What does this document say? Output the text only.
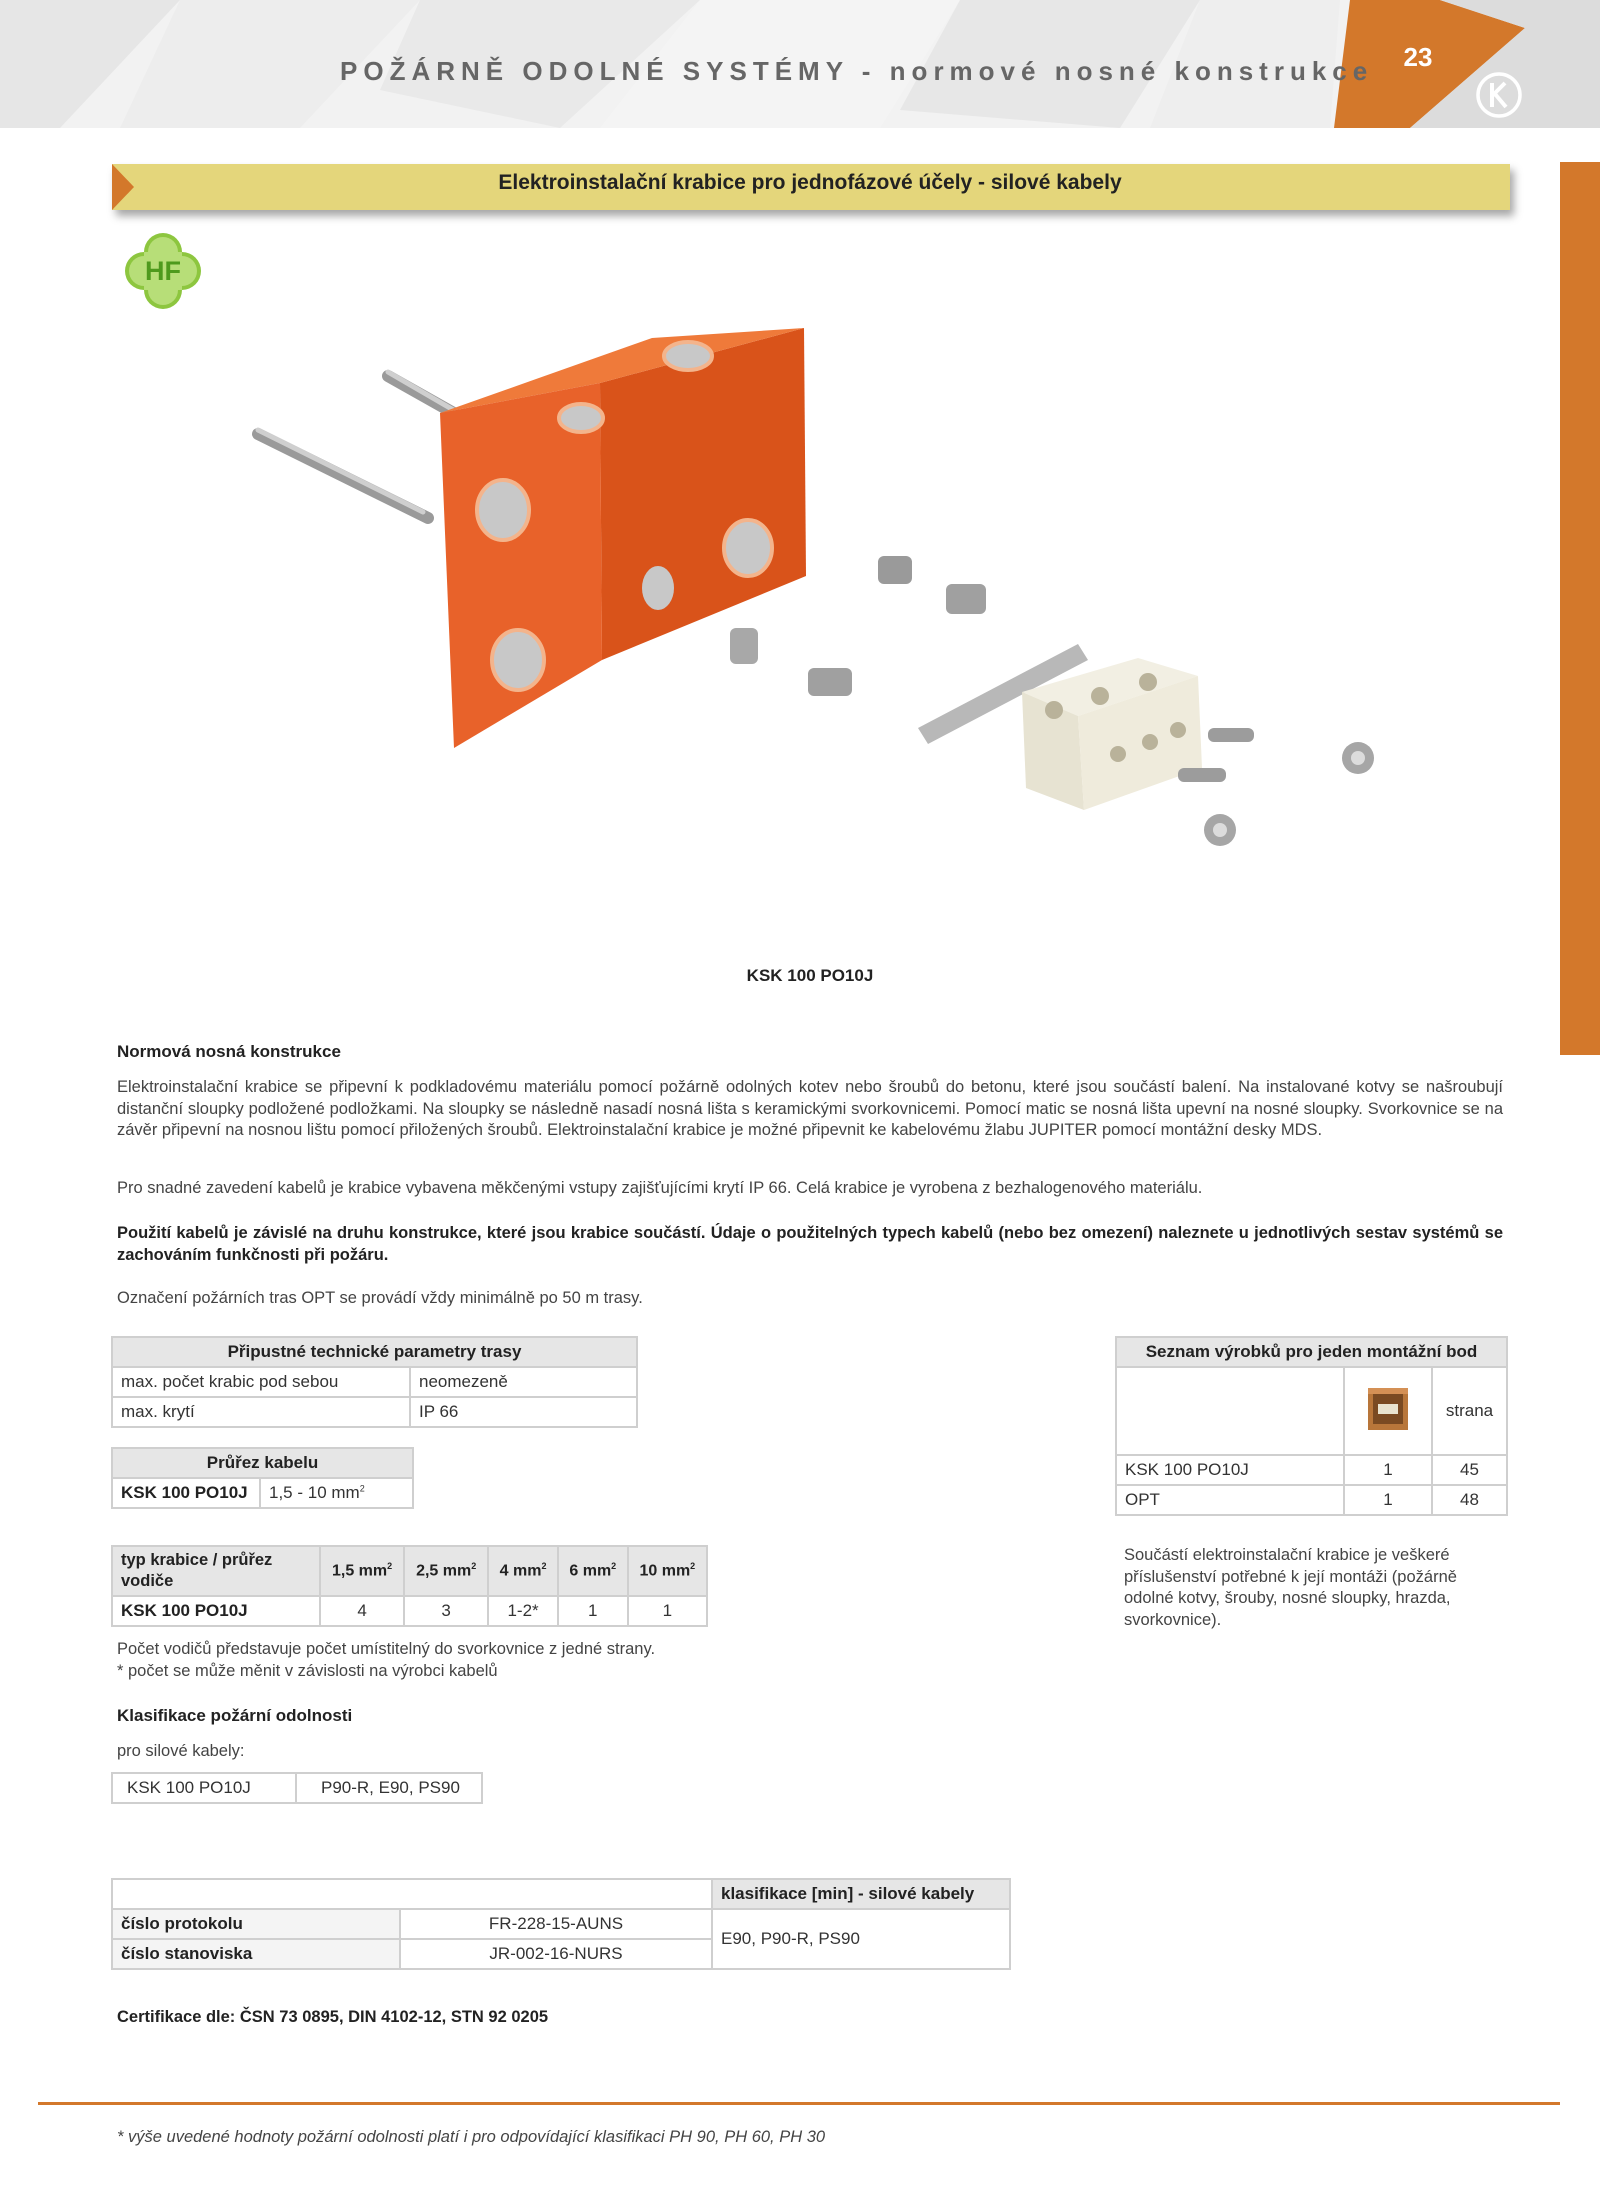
POŽÁRNĚ ODOLNÉ SYSTÉMY - normové nosné konstrukce	23
Elektroinstalační krabice pro jednofázové účely - silové kabely
HF
KSK 100 PO10J
Normová nosná konstrukce
Elektroinstalační krabice se připevní k podkladovému materiálu pomocí požárně odolných kotev nebo šroubů do betonu, které jsou součástí balení. Na instalované kotvy se našroubují distanční sloupky podložené podložkami. Na sloupky se následně nasadí nosná lišta s keramickými svorkovnicemi. Pomocí matic se nosná lišta upevní na nosné sloupky. Svorkovnice se na závěr připevní na nosnou lištu pomocí přiložených šroubů. Elektroinstalační krabice je možné připevnit ke kabelovému žlabu JUPITER pomocí montážní desky MDS.
Pro snadné zavedení kabelů je krabice vybavena měkčenými vstupy zajišťujícími krytí IP 66. Celá krabice je vyrobena z bezhalogenového materiálu.
Použití kabelů je závislé na druhu konstrukce, které jsou krabice součástí. Údaje o použitelných typech kabelů (nebo bez omezení) naleznete u jednotlivých sestav systémů se zachováním funkčnosti při požáru.
Označení požárních tras OPT se provádí vždy minimálně po 50 m trasy.
Připustné technické parametry trasy	
max. počet krabic pod sebou	neomezeně
max. krytí	IP 66
Průřez kabelu
KSK 100 PO10J	1,5 - 10 $mm^2$
typ krabice / průřez vodiče	1,5 $mm^2$	2,5 $mm^2$	4 $mm^2$	6 $mm^2$	10 $mm^2$
KSK 100 PO10J	4	3	1-2*	1	1
Počet vodičů představuje počet umístitelný do svorkovnice z jedné strany.
* počet se může měnit v závislosti na výrobci kabelů
Klasifikace požární odolnosti
pro silové kabely:
KSK 100 PO10J	P90-R, E90, PS90
Seznam výrobků pro jeden montážní bod		
		strana
KSK 100 PO10J	1	45
OPT	1	48
Součástí elektroinstalační krabice je veškeré příslušenství potřebné k její montáži (požárně odolné kotvy, šrouby, nosné sloupky, hrazda, svorkovnice).
		klasifikace [min] - silové kabely
číslo protokolu	FR-228-15-AUNS	E90, P90-R, PS90
číslo stanoviska	JR-002-16-NURS	
Certifikace dle: ČSN 73 0895, DIN 4102-12, STN 92 0205
* výše uvedené hodnoty požární odolnosti platí i pro odpovídající klasifikaci PH 90, PH 60, PH 30
